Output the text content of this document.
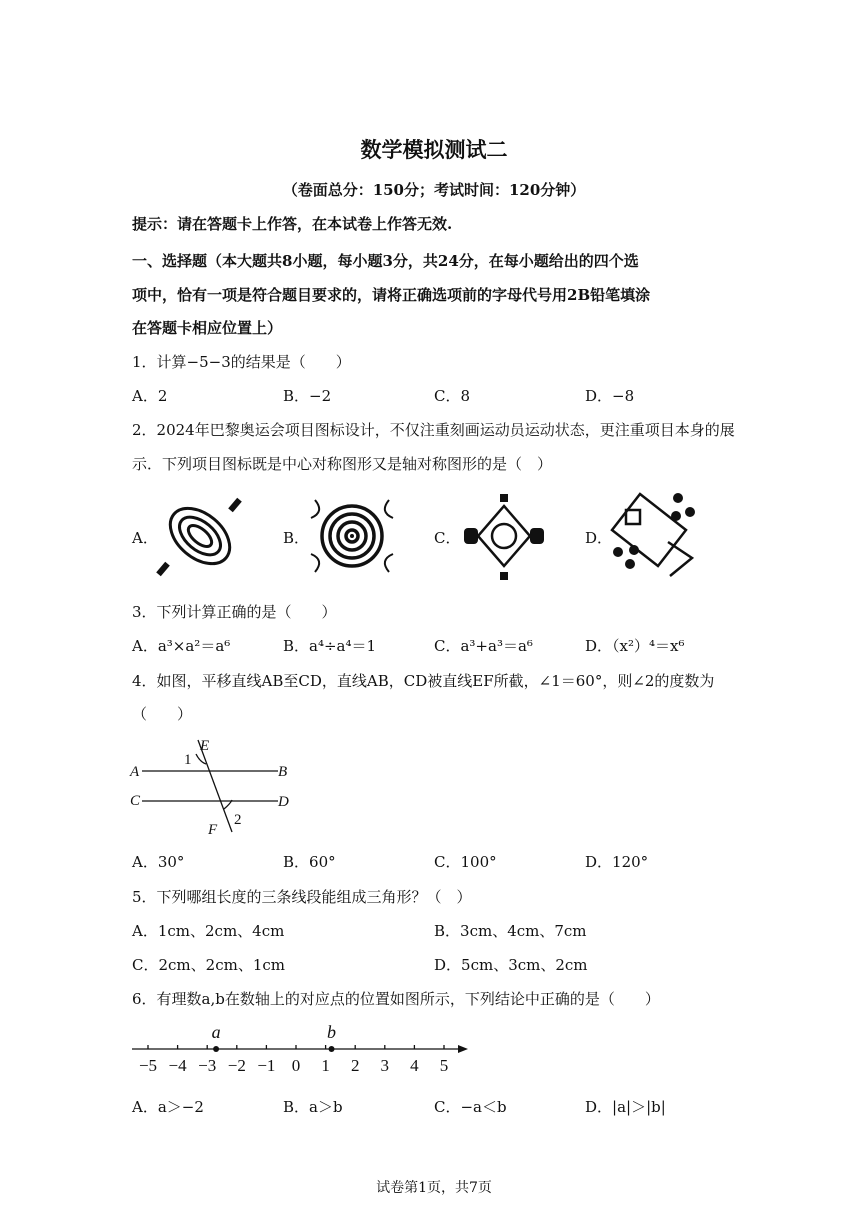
数学模拟测试二
（卷面总分：150分；考试时间：120分钟）
提示：请在答题卡上作答，在本试卷上作答无效.
一、选择题（本大题共8小题，每小题3分，共24分，在每小题给出的四个选
项中，恰有一项是符合题目要求的，请将正确选项前的字母代号用2B铅笔填涂
在答题卡相应位置上）
1．计算−5−3的结果是（　　）
A．2	B．−2	C．8	D．−8
2．2024年巴黎奥运会项目图标设计，不仅注重刻画运动员运动状态，更注重项目本身的展
示．下列项目图标既是中心对称图形又是轴对称图形的是（　）
A．	B．	C．	D．
3．下列计算正确的是（　　）
A．a³×a²＝a⁶	B．a⁴÷a⁴＝1	C．a³+a³＝a⁶	D．（x²）⁴＝x⁶
4．如图，平移直线AB至CD，直线AB，CD被直线EF所截，∠1＝60°，则∠2的度数为
（　　）
A	B
C	D
E
F
1
2
A．30°	B．60°	C．100°	D．120°
5．下列哪组长度的三条线段能组成三角形？（　）
A．1cm、2cm、4cm	B．3cm、4cm、7cm
C．2cm、2cm、1cm	D．5cm、3cm、2cm
6．有理数a,b在数轴上的对应点的位置如图所示，下列结论中正确的是（　　）
−5 −4 −3 −2 −1 0 1 2 3 4 5
a	b
A．a＞−2	B．a＞b	C．−a＜b	D．|a|＞|b|
试卷第1页，共7页
